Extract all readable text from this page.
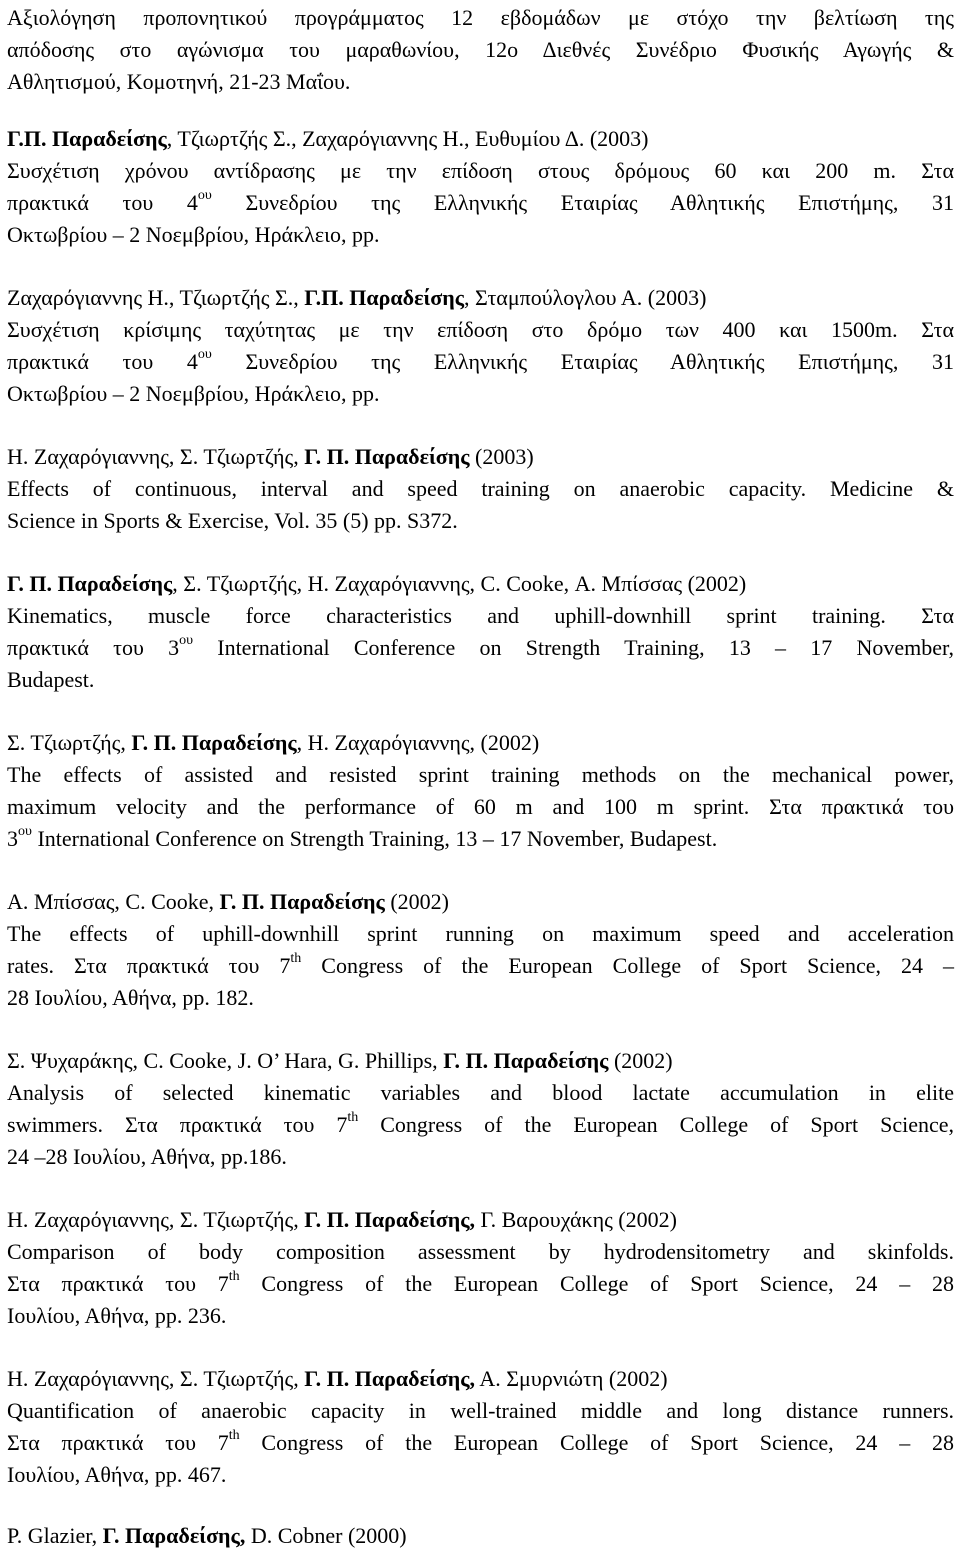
Αξιολόγηση προπονητικού προγράμματος 12 εβδομάδων με στόχο την βελτίωση της
απόδοσης στο αγώνισμα του μαραθωνίου, 12ο Διεθνές Συνέδριο Φυσικής Αγωγής &
Αθλητισμού, Κομοτηνή, 21-23 Μαΐου.
Γ.Π. Παραδείσης, Τζιωρτζής Σ., Ζαχαρόγιαννης Η., Ευθυμίου Δ. (2003)
Συσχέτιση χρόνου αντίδρασης με την επίδοση στους δρόμους 60 και 200 m. Στα
πρακτικά του $4^{o\upsilon}$ Συνεδρίου της Ελληνικής Εταιρίας Αθλητικής Επιστήμης, 31
Οκτωβρίου – 2 Νοεμβρίου, Ηράκλειο, pp.
Ζαχαρόγιαννης Η., Τζιωρτζής Σ., Γ.Π. Παραδείσης, Σταμπούλογλου Α. (2003)
Συσχέτιση κρίσιμης ταχύτητας με την επίδοση στο δρόμο των 400 και 1500m. Στα
πρακτικά του $4^{o\upsilon}$ Συνεδρίου της Ελληνικής Εταιρίας Αθλητικής Επιστήμης, 31
Οκτωβρίου – 2 Νοεμβρίου, Ηράκλειο, pp.
Η. Ζαχαρόγιαννης, Σ. Τζιωρτζής, Γ. Π. Παραδείσης (2003)
Effects of continuous, interval and speed training on anaerobic capacity. Medicine &
Science in Sports & Exercise, Vol. 35 (5) pp. S372.
Γ. Π. Παραδείσης, Σ. Τζιωρτζής, Η. Ζαχαρόγιαννης, C. Cooke, Α. Μπίσσας (2002)
Kinematics, muscle force characteristics and uphill-downhill sprint training. Στα
πρακτικά του $3^{o\upsilon}$ International Conference on Strength Training, 13 – 17 November,
Budapest.
Σ. Τζιωρτζής, Γ. Π. Παραδείσης, Η. Ζαχαρόγιαννης, (2002)
The effects of assisted and resisted sprint training methods on the mechanical power,
maximum velocity and the performance of 60 m and 100 m sprint. Στα πρακτικά του
$3^{o\upsilon}$ International Conference on Strength Training, 13 – 17 November, Budapest.
Α. Μπίσσας, C. Cooke, Γ. Π. Παραδείσης (2002)
The effects of uphill-downhill sprint running on maximum speed and acceleration
rates. Στα πρακτικά του 7th Congress of the European College of Sport Science, 24 –
28 Ιουλίου, Αθήνα, pp. 182.
Σ. Ψυχαράκης, C. Cooke, J. O’ Hara, G. Phillips, Γ. Π. Παραδείσης (2002)
Analysis of selected kinematic variables and blood lactate accumulation in elite
swimmers. Στα πρακτικά του 7th Congress of the European College of Sport Science,
24 –28 Ιουλίου, Αθήνα, pp.186.
Η. Ζαχαρόγιαννης, Σ. Τζιωρτζής, Γ. Π. Παραδείσης, Γ. Βαρουχάκης (2002)
Comparison of body composition assessment by hydrodensitometry and skinfolds.
Στα πρακτικά του 7th Congress of the European College of Sport Science, 24 – 28
Ιουλίου, Αθήνα, pp. 236.
Η. Ζαχαρόγιαννης, Σ. Τζιωρτζής, Γ. Π. Παραδείσης, Α. Σμυρνιώτη (2002)
Quantification of anaerobic capacity in well-trained middle and long distance runners.
Στα πρακτικά του 7th Congress of the European College of Sport Science, 24 – 28
Ιουλίου, Αθήνα, pp. 467.
P. Glazier, Γ. Παραδείσης, D. Cobner (2000)
